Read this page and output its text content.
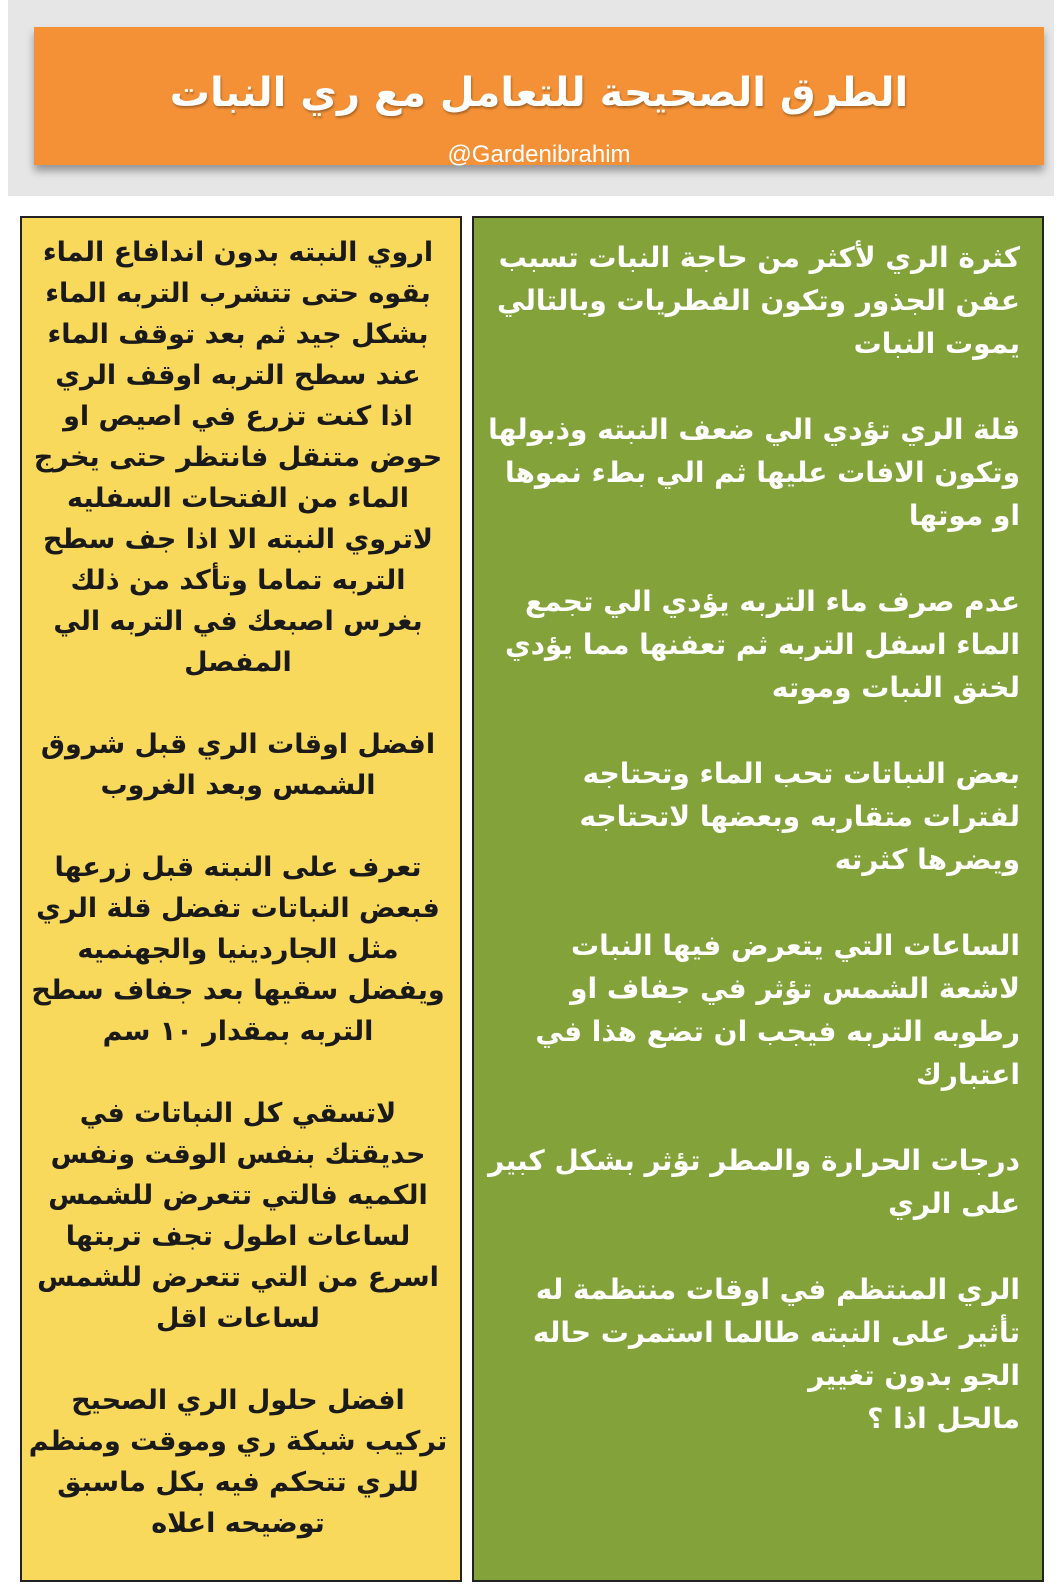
الطرق الصحيحة للتعامل مع ري النبات
@Gardenibrahim

كثرة الري لأكثر من حاجة النبات تسبب عفن الجذور وتكون الفطريات وبالتالي يموت النبات

قلة الري تؤدي الي ضعف النبته وذبولها وتكون الافات عليها ثم الي بطء نموها او موتها

عدم صرف ماء التربه يؤدي الي تجمع الماء اسفل التربه ثم تعفنها مما يؤدي لخنق النبات وموته

بعض النباتات تحب الماء وتحتاجه لفترات متقاربه وبعضها لاتحتاجه ويضرها كثرته

الساعات التي يتعرض فيها النبات لاشعة الشمس تؤثر في جفاف او رطوبه التربه فيجب ان تضع هذا في اعتبارك

درجات الحرارة والمطر تؤثر بشكل كبير على الري

الري المنتظم في اوقات منتظمة له تأثير على النبته طالما استمرت حاله الجو بدون تغيير

مالحل اذا ؟

اروي النبته بدون اندافاع الماء بقوه حتى تتشرب التربه الماء بشكل جيد ثم بعد توقف الماء عند سطح التربه اوقف الري

اذا كنت تزرع في اصيص او حوض متنقل فانتظر حتى يخرج الماء من الفتحات السفليه

لاتروي النبته الا اذا جف سطح التربه تماما وتأكد من ذلك بغرس اصبعك في التربه الي المفصل

افضل اوقات الري قبل شروق الشمس وبعد الغروب

تعرف على النبته قبل زرعها فبعض النباتات تفضل قلة الري مثل الجاردينيا والجهنميه ويفضل سقيها بعد جفاف سطح التربه بمقدار ١٠ سم

لاتسقي كل النباتات في حديقتك بنفس الوقت ونفس الكميه فالتي تتعرض للشمس لساعات اطول تجف تربتها اسرع من التي تتعرض للشمس لساعات اقل

افضل حلول الري الصحيح تركيب شبكة ري وموقت ومنظم للري تتحكم فيه بكل ماسبق توضيحه اعلاه
